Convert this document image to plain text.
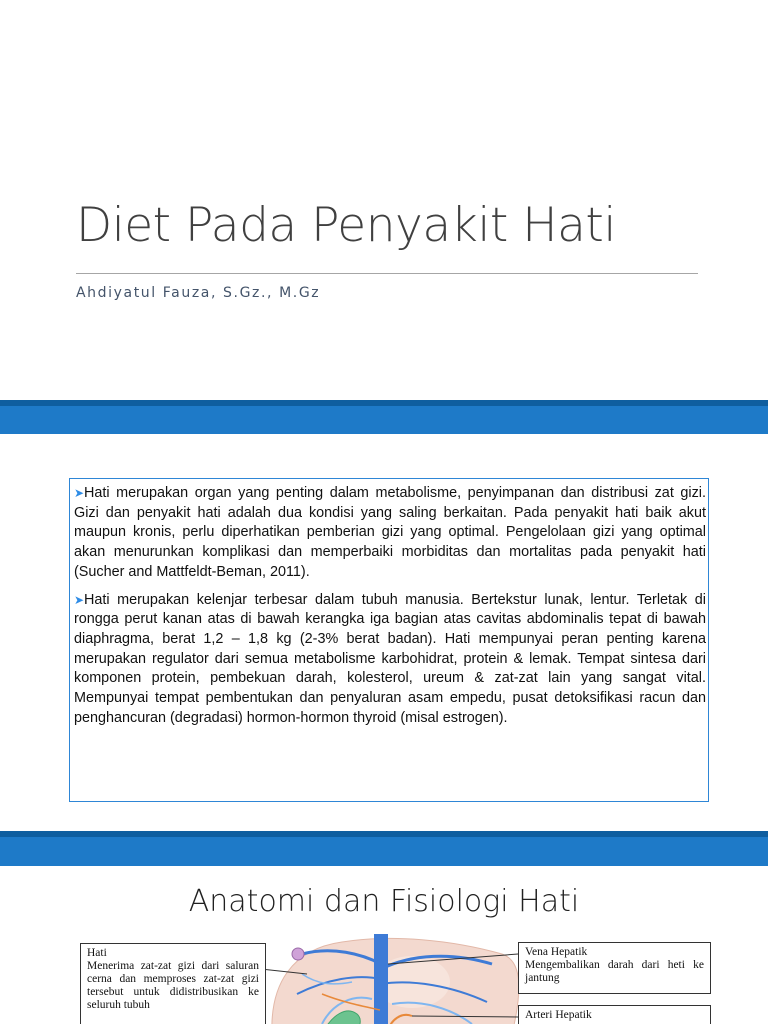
Diet Pada Penyakit Hati
Ahdiyatul Fauza, S.Gz., M.Gz

➤Hati merupakan organ yang penting dalam metabolisme, penyimpanan dan distribusi zat gizi. Gizi dan penyakit hati adalah dua kondisi yang saling berkaitan. Pada penyakit hati baik akut maupun kronis, perlu diperhatikan pemberian gizi yang optimal. Pengelolaan gizi yang optimal akan menurunkan komplikasi dan memperbaiki morbiditas dan mortalitas pada penyakit hati (Sucher and Mattfeldt-Beman, 2011).

➤Hati merupakan kelenjar terbesar dalam tubuh manusia. Bertekstur lunak, lentur. Terletak di rongga perut kanan atas di bawah kerangka iga bagian atas cavitas abdominalis tepat di bawah diaphragma, berat 1,2 – 1,8 kg (2-3% berat badan). Hati mempunyai peran penting karena merupakan regulator dari semua metabolisme karbohidrat, protein & lemak. Tempat sintesa dari komponen protein, pembekuan darah, kolesterol, ureum & zat-zat lain yang sangat vital. Mempunyai tempat pembentukan dan penyaluran asam empedu, pusat detoksifikasi racun dan penghancuran (degradasi) hormon-hormon thyroid (misal estrogen).

Anatomi dan Fisiologi Hati
Hati
Menerima zat-zat gizi dari saluran cerna dan memproses zat-zat gizi tersebut untuk didistribusikan ke seluruh tubuh
Vena Hepatik
Mengembalikan darah dari heti ke jantung
Arteri Hepatik
